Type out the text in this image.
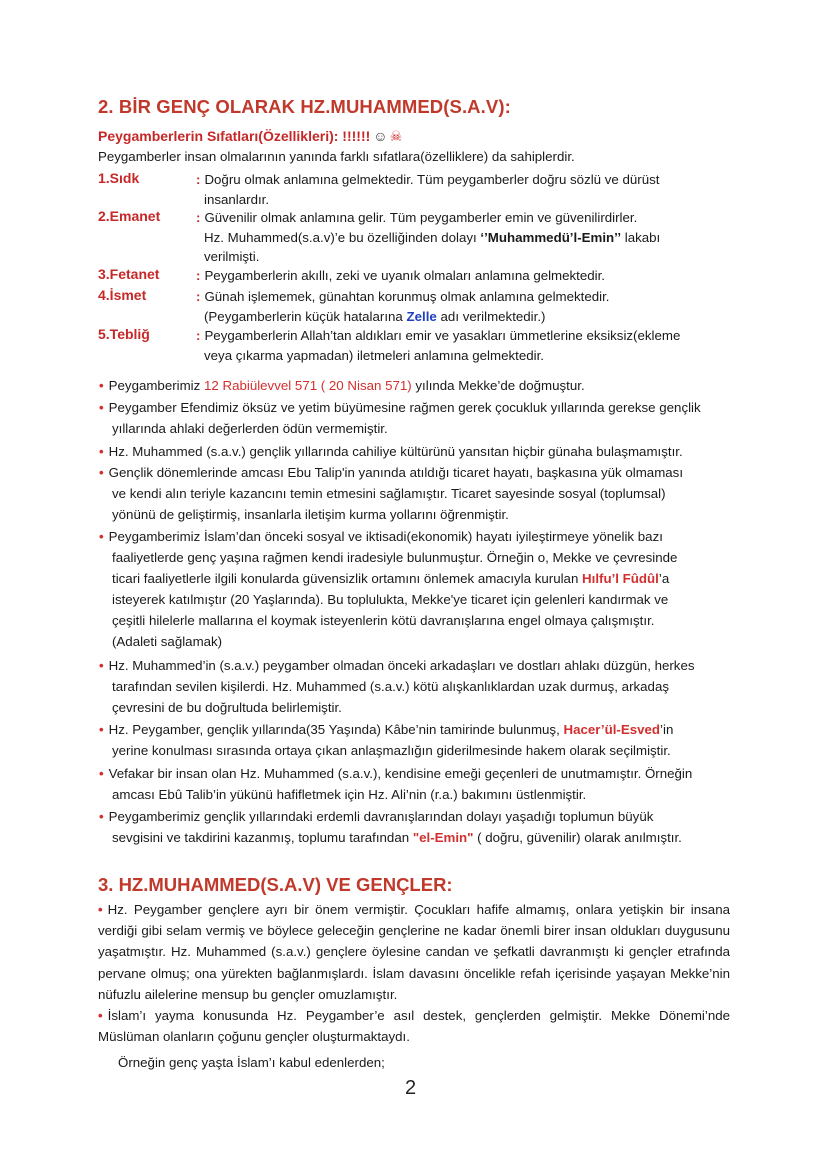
2. BİR GENÇ OLARAK HZ.MUHAMMED(S.A.V):
Peygamberlerin Sıfatları(Özellikleri): !!!!!! ☺ ☠
Peygamberler insan olmalarının yanında farklı sıfatlara(özelliklere) da sahiplerdir.
1.Sıdk	: Doğru olmak anlamına gelmektedir. Tüm peygamberler doğru sözlü ve dürüst
insanlardır.
2.Emanet	: Güvenilir olmak anlamına gelir. Tüm peygamberler emin ve güvenilirdirler.
Hz. Muhammed(s.a.v)’e bu özelliğinden dolayı ‘’Muhammedü’l-Emin’’ lakabı
verilmişti.
3.Fetanet	: Peygamberlerin akıllı, zeki ve uyanık olmaları anlamına gelmektedir.
4.İsmet	: Günah işlememek, günahtan korunmuş olmak anlamına gelmektedir.
(Peygamberlerin küçük hatalarına Zelle adı verilmektedir.)
5.Tebliğ	: Peygamberlerin Allah’tan aldıkları emir ve yasakları ümmetlerine eksiksiz(ekleme
veya çıkarma yapmadan) iletmeleri anlamına gelmektedir.
• Peygamberimiz 12 Rabiülevvel 571 ( 20 Nisan 571) yılında Mekke’de doğmuştur.
• Peygamber Efendimiz öksüz ve yetim büyümesine rağmen gerek çocukluk yıllarında gerekse gençlik
yıllarında ahlaki değerlerden ödün vermemiştir.
• Hz. Muhammed (s.a.v.) gençlik yıllarında cahiliye kültürünü yansıtan hiçbir günaha bulaşmamıştır.
• Gençlik dönemlerinde amcası Ebu Talip'in yanında atıldığı ticaret hayatı, başkasına yük olmaması
ve kendi alın teriyle kazancını temin etmesini sağlamıştır. Ticaret sayesinde sosyal (toplumsal)
yönünü de geliştirmiş, insanlarla iletişim kurma yollarını öğrenmiştir.
• Peygamberimiz İslam’dan önceki sosyal ve iktisadi(ekonomik) hayatı iyileştirmeye yönelik bazı
faaliyetlerde genç yaşına rağmen kendi iradesiyle bulunmuştur. Örneğin o, Mekke ve çevresinde
ticari faaliyetlerle ilgili konularda güvensizlik ortamını önlemek amacıyla kurulan Hılfu’l Fûdûl’a
isteyerek katılmıştır (20 Yaşlarında). Bu toplulukta, Mekke'ye ticaret için gelenleri kandırmak ve
çeşitli hilelerle mallarına el koymak isteyenlerin kötü davranışlarına engel olmaya çalışmıştır.
(Adaleti sağlamak)
• Hz. Muhammed’in (s.a.v.) peygamber olmadan önceki arkadaşları ve dostları ahlakı düzgün, herkes
tarafından sevilen kişilerdi. Hz. Muhammed (s.a.v.) kötü alışkanlıklardan uzak durmuş, arkadaş
çevresini de bu doğrultuda belirlemiştir.
• Hz. Peygamber, gençlik yıllarında(35 Yaşında) Kâbe’nin tamirinde bulunmuş, Hacer’ül-Esved’in
yerine konulması sırasında ortaya çıkan anlaşmazlığın giderilmesinde hakem olarak seçilmiştir.
• Vefakar bir insan olan Hz. Muhammed (s.a.v.), kendisine emeği geçenleri de unutmamıştır. Örneğin
amcası Ebû Talib’in yükünü hafifletmek için Hz. Ali’nin (r.a.) bakımını üstlenmiştir.
• Peygamberimiz gençlik yıllarındaki erdemli davranışlarından dolayı yaşadığı toplumun büyük
sevgisini ve takdirini kazanmış, toplumu tarafından "el-Emin" ( doğru, güvenilir) olarak anılmıştır.
3. HZ.MUHAMMED(S.A.V) VE GENÇLER:
• Hz. Peygamber gençlere ayrı bir önem vermiştir. Çocukları hafife almamış, onlara yetişkin bir insana verdiği gibi selam vermiş ve böylece geleceğin gençlerine ne kadar önemli birer insan oldukları duygusunu yaşatmıştır. Hz. Muhammed (s.a.v.) gençlere öylesine candan ve şefkatli davranmıştı ki gençler etrafında pervane olmuş; ona yürekten bağlanmışlardı. İslam davasını öncelikle refah içerisinde yaşayan Mekke’nin nüfuzlu ailelerine mensup bu gençler omuzlamıştır.
• İslam’ı yayma konusunda Hz. Peygamber’e asıl destek, gençlerden gelmiştir. Mekke Dönemi’nde Müslüman olanların çoğunu gençler oluşturmaktaydı.
Örneğin genç yaşta İslam’ı kabul edenlerden;
2
